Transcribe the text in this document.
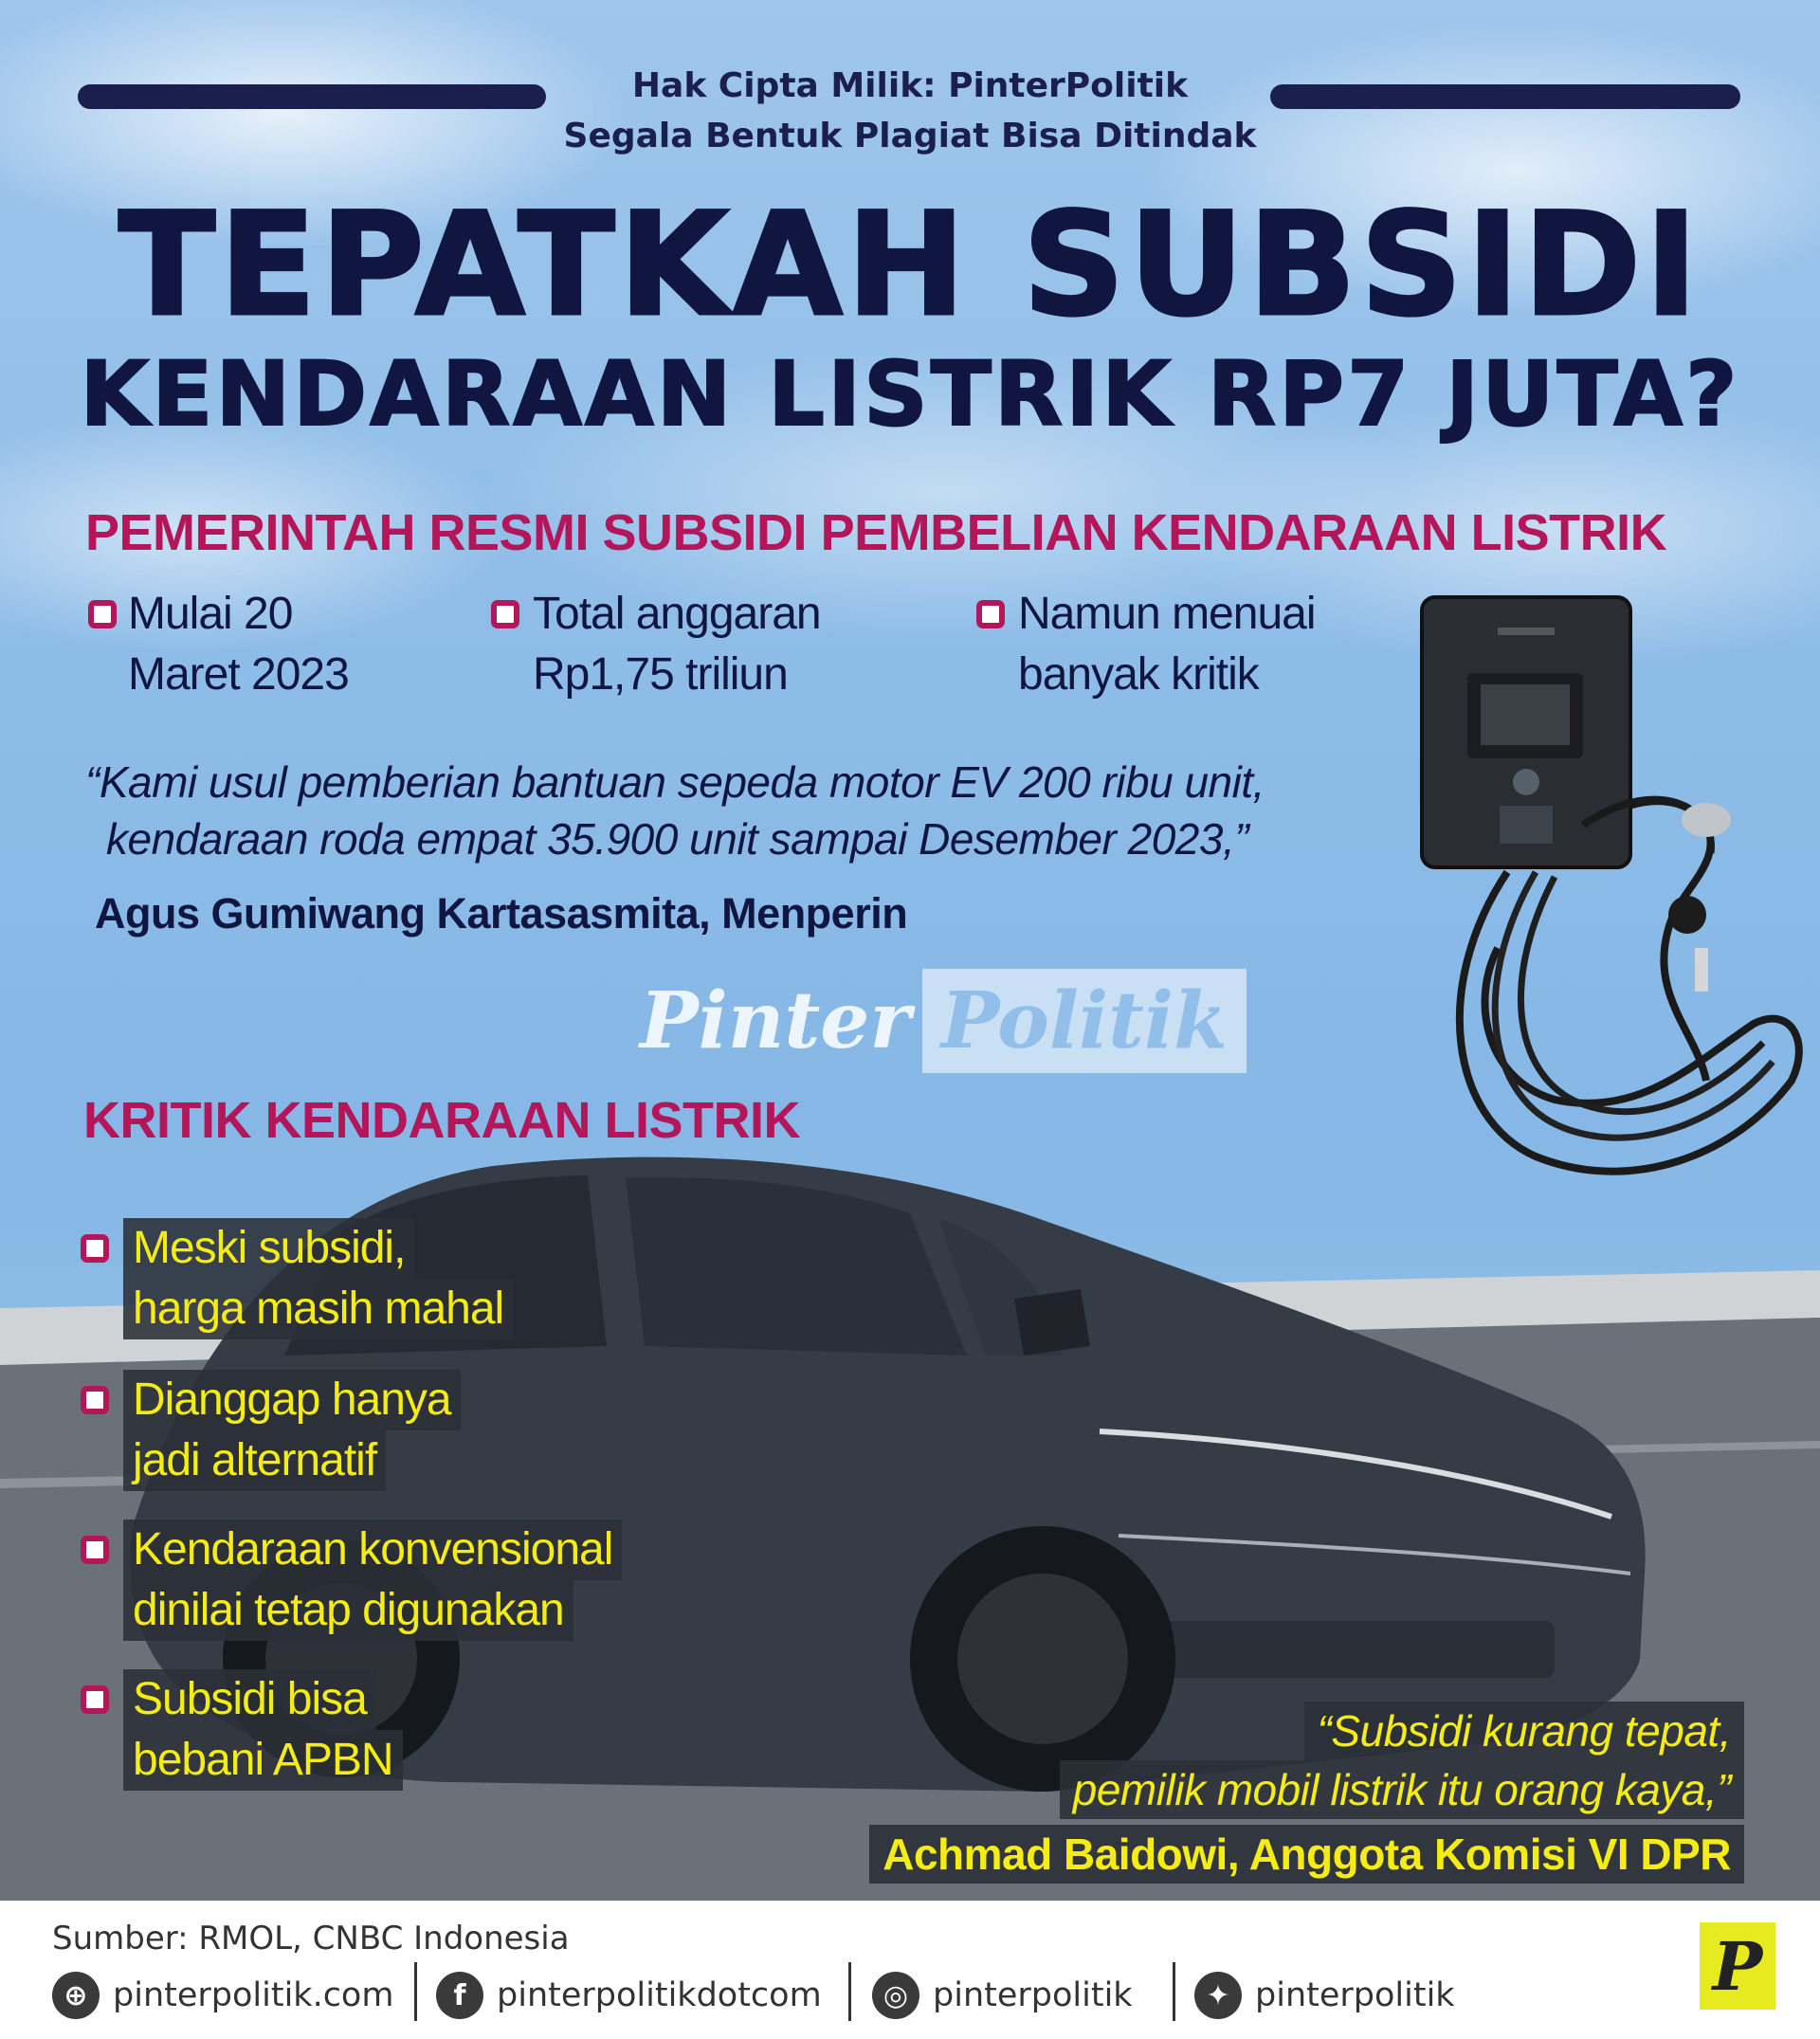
Hak Cipta Milik: PinterPolitik
Segala Bentuk Plagiat Bisa Ditindak
TEPATKAH SUBSIDI
KENDARAAN LISTRIK RP7 JUTA?
PEMERINTAH RESMI SUBSIDI PEMBELIAN KENDARAAN LISTRIK
Mulai 20
Maret 2023
Total anggaran
Rp1,75 triliun
Namun menuai
banyak kritik
“Kami usul pemberian bantuan sepeda motor EV 200 ribu unit,
kendaraan roda empat 35.900 unit sampai Desember 2023,”
Agus Gumiwang Kartasasmita, Menperin
Pinter Politik
KRITIK KENDARAAN LISTRIK
Meski subsidi,
harga masih mahal
Dianggap hanya
jadi alternatif
Kendaraan konvensional
dinilai tetap digunakan
Subsidi bisa
bebani APBN
“Subsidi kurang tepat,
pemilik mobil listrik itu orang kaya,”
Achmad Baidowi, Anggota Komisi VI DPR
Sumber: RMOL, CNBC Indonesia
⊕ pinterpolitik.com	f pinterpolitikdotcom	◎ pinterpolitik	✦ pinterpolitik	P
